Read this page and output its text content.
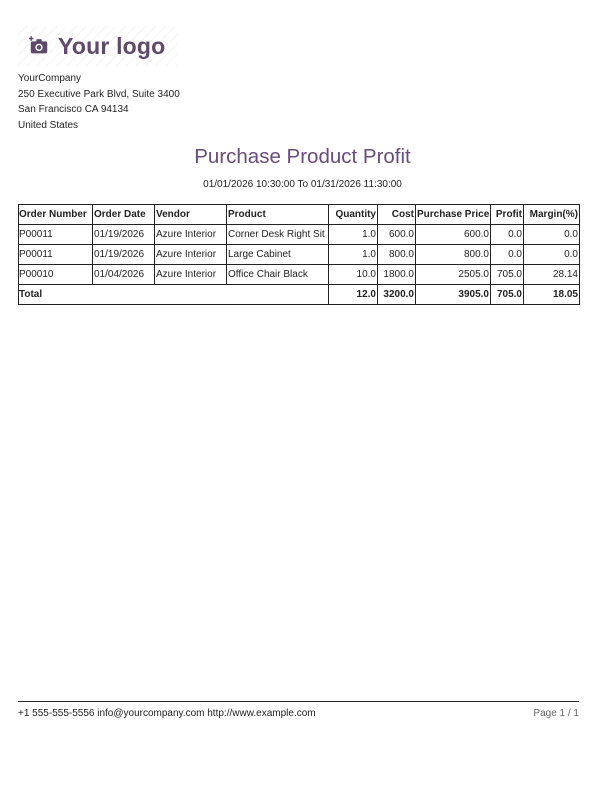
Your logo
YourCompany
250 Executive Park Blvd, Suite 3400
San Francisco CA 94134
United States
Purchase Product Profit
01/01/2026 10:30:00 To 01/31/2026 11:30:00
Order Number	Order Date	Vendor	Product	Quantity	Cost	Purchase Price	Profit	Margin(%)
P00011	01/19/2026	Azure Interior	Corner Desk Right Sit	1.0	600.0	600.0	0.0	0.0
P00011	01/19/2026	Azure Interior	Large Cabinet	1.0	800.0	800.0	0.0	0.0
P00010	01/04/2026	Azure Interior	Office Chair Black	10.0	1800.0	2505.0	705.0	28.14
Total				12.0	3200.0	3905.0	705.0	18.05
+1 555-555-5556 info@yourcompany.com http://www.example.com	Page 1 / 1
